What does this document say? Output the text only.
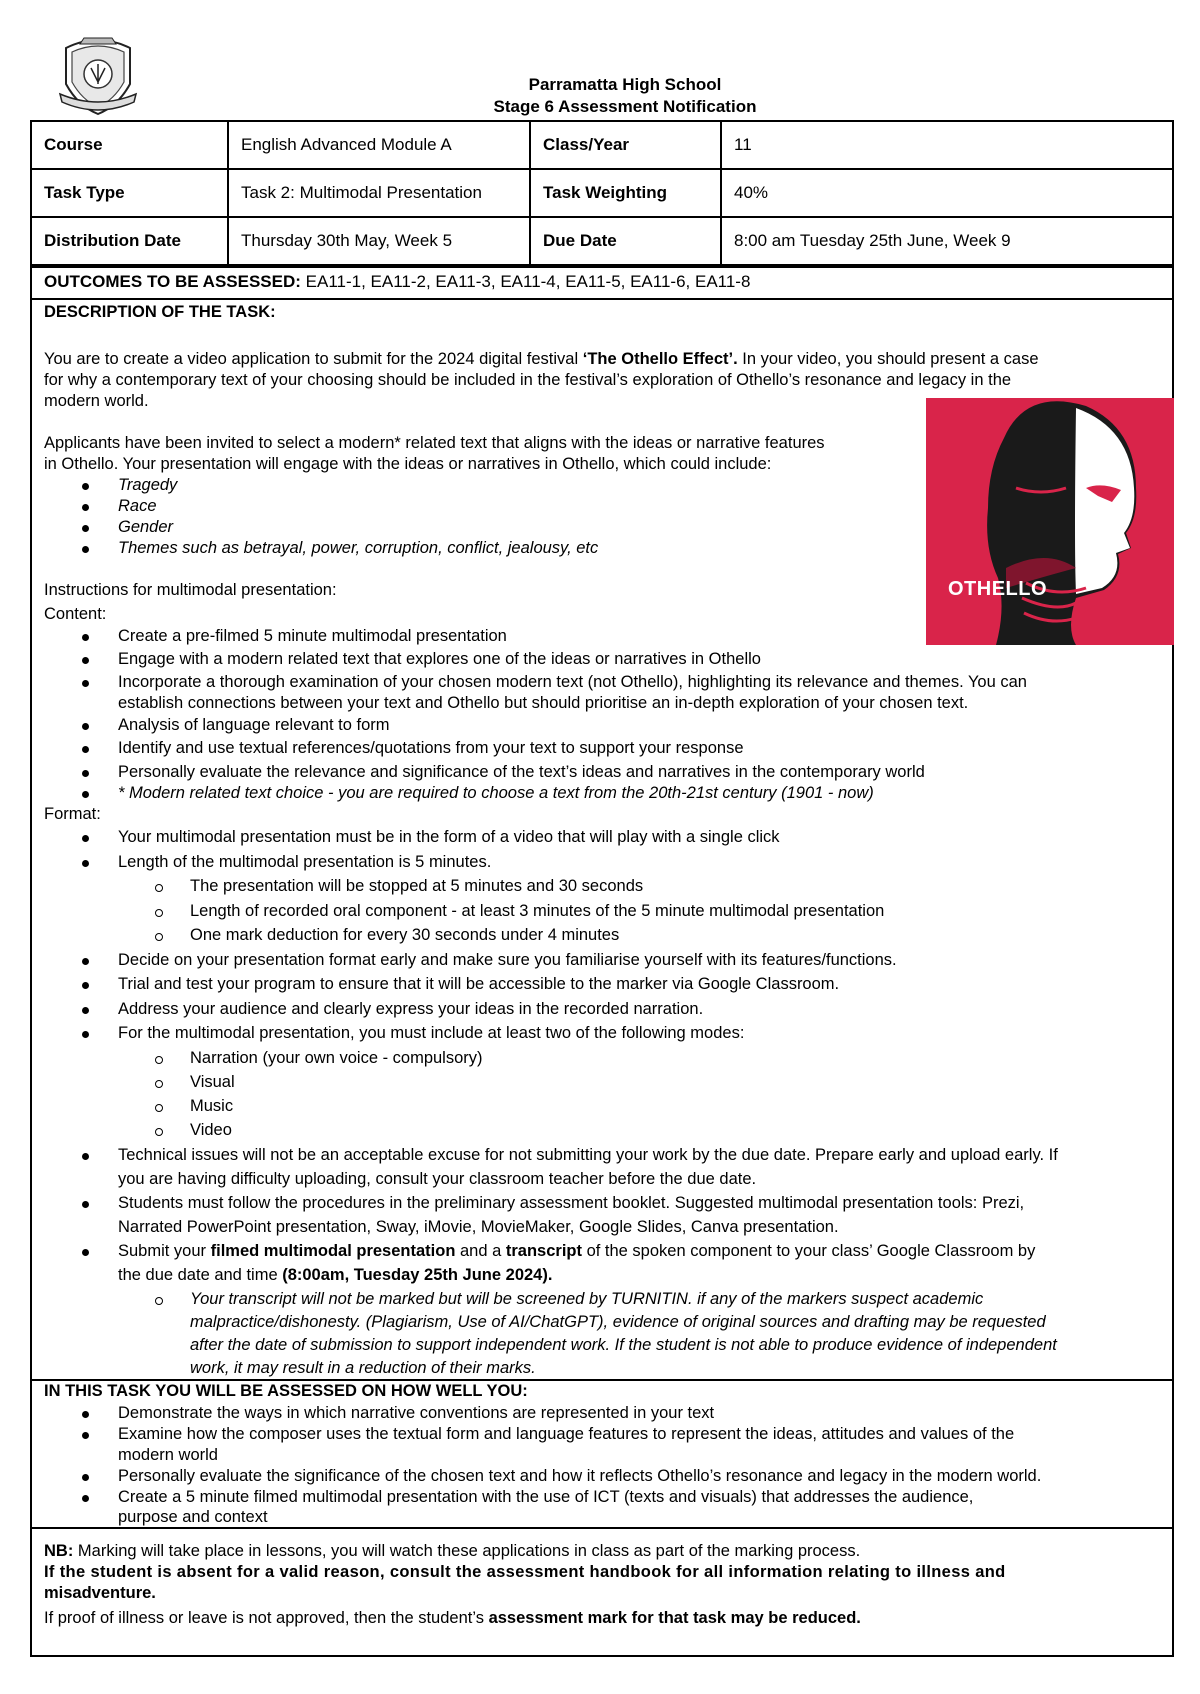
Parramatta High School
Stage 6 Assessment Notification
Course	English Advanced Module A	Class/Year	11
Task Type	Task 2: Multimodal Presentation	Task Weighting	40%
Distribution Date	Thursday 30th May, Week 5	Due Date	8:00 am Tuesday 25th June, Week 9
OUTCOMES TO BE ASSESSED: EA11-1, EA11-2, EA11-3, EA11-4, EA11-5, EA11-6, EA11-8
DESCRIPTION OF THE TASK:
You are to create a video application to submit for the 2024 digital festival ‘The Othello Effect’. In your video, you should present a case
for why a contemporary text of your choosing should be included in the festival’s exploration of Othello’s resonance and legacy in the
modern world.
Applicants have been invited to select a modern* related text that aligns with the ideas or narrative features
in Othello. Your presentation will engage with the ideas or narratives in Othello, which could include:
Tragedy
Race
Gender
Themes such as betrayal, power, corruption, conflict, jealousy, etc
Instructions for multimodal presentation:
Content:
Create a pre-filmed 5 minute multimodal presentation
Engage with a modern related text that explores one of the ideas or narratives in Othello
Incorporate a thorough examination of your chosen modern text (not Othello), highlighting its relevance and themes. You can
establish connections between your text and Othello but should prioritise an in-depth exploration of your chosen text.
Analysis of language relevant to form
Identify and use textual references/quotations from your text to support your response
Personally evaluate the relevance and significance of the text’s ideas and narratives in the contemporary world
* Modern related text choice - you are required to choose a text from the 20th-21st century (1901 - now)
Format:
Your multimodal presentation must be in the form of a video that will play with a single click
Length of the multimodal presentation is 5 minutes.
The presentation will be stopped at 5 minutes and 30 seconds
Length of recorded oral component - at least 3 minutes of the 5 minute multimodal presentation
One mark deduction for every 30 seconds under 4 minutes
Decide on your presentation format early and make sure you familiarise yourself with its features/functions.
Trial and test your program to ensure that it will be accessible to the marker via Google Classroom.
Address your audience and clearly express your ideas in the recorded narration.
For the multimodal presentation, you must include at least two of the following modes:
Narration (your own voice - compulsory)
Visual
Music
Video
Technical issues will not be an acceptable excuse for not submitting your work by the due date. Prepare early and upload early. If
you are having difficulty uploading, consult your classroom teacher before the due date.
Students must follow the procedures in the preliminary assessment booklet. Suggested multimodal presentation tools: Prezi,
Narrated PowerPoint presentation, Sway, iMovie, MovieMaker, Google Slides, Canva presentation.
Submit your filmed multimodal presentation and a transcript of the spoken component to your class’ Google Classroom by
the due date and time (8:00am, Tuesday 25th June 2024).
Your transcript will not be marked but will be screened by TURNITIN. if any of the markers suspect academic
malpractice/dishonesty. (Plagiarism, Use of AI/ChatGPT), evidence of original sources and drafting may be requested
after the date of submission to support independent work. If the student is not able to produce evidence of independent
work, it may result in a reduction of their marks.
OTHELLO
IN THIS TASK YOU WILL BE ASSESSED ON HOW WELL YOU:
Demonstrate the ways in which narrative conventions are represented in your text
Examine how the composer uses the textual form and language features to represent the ideas, attitudes and values of the
modern world
Personally evaluate the significance of the chosen text and how it reflects Othello’s resonance and legacy in the modern world.
Create a 5 minute filmed multimodal presentation with the use of ICT (texts and visuals) that addresses the audience,
purpose and context
NB: Marking will take place in lessons, you will watch these applications in class as part of the marking process.
If the student is absent for a valid reason, consult the assessment handbook for all information relating to illness and
misadventure.
If proof of illness or leave is not approved, then the student’s assessment mark for that task may be reduced.
